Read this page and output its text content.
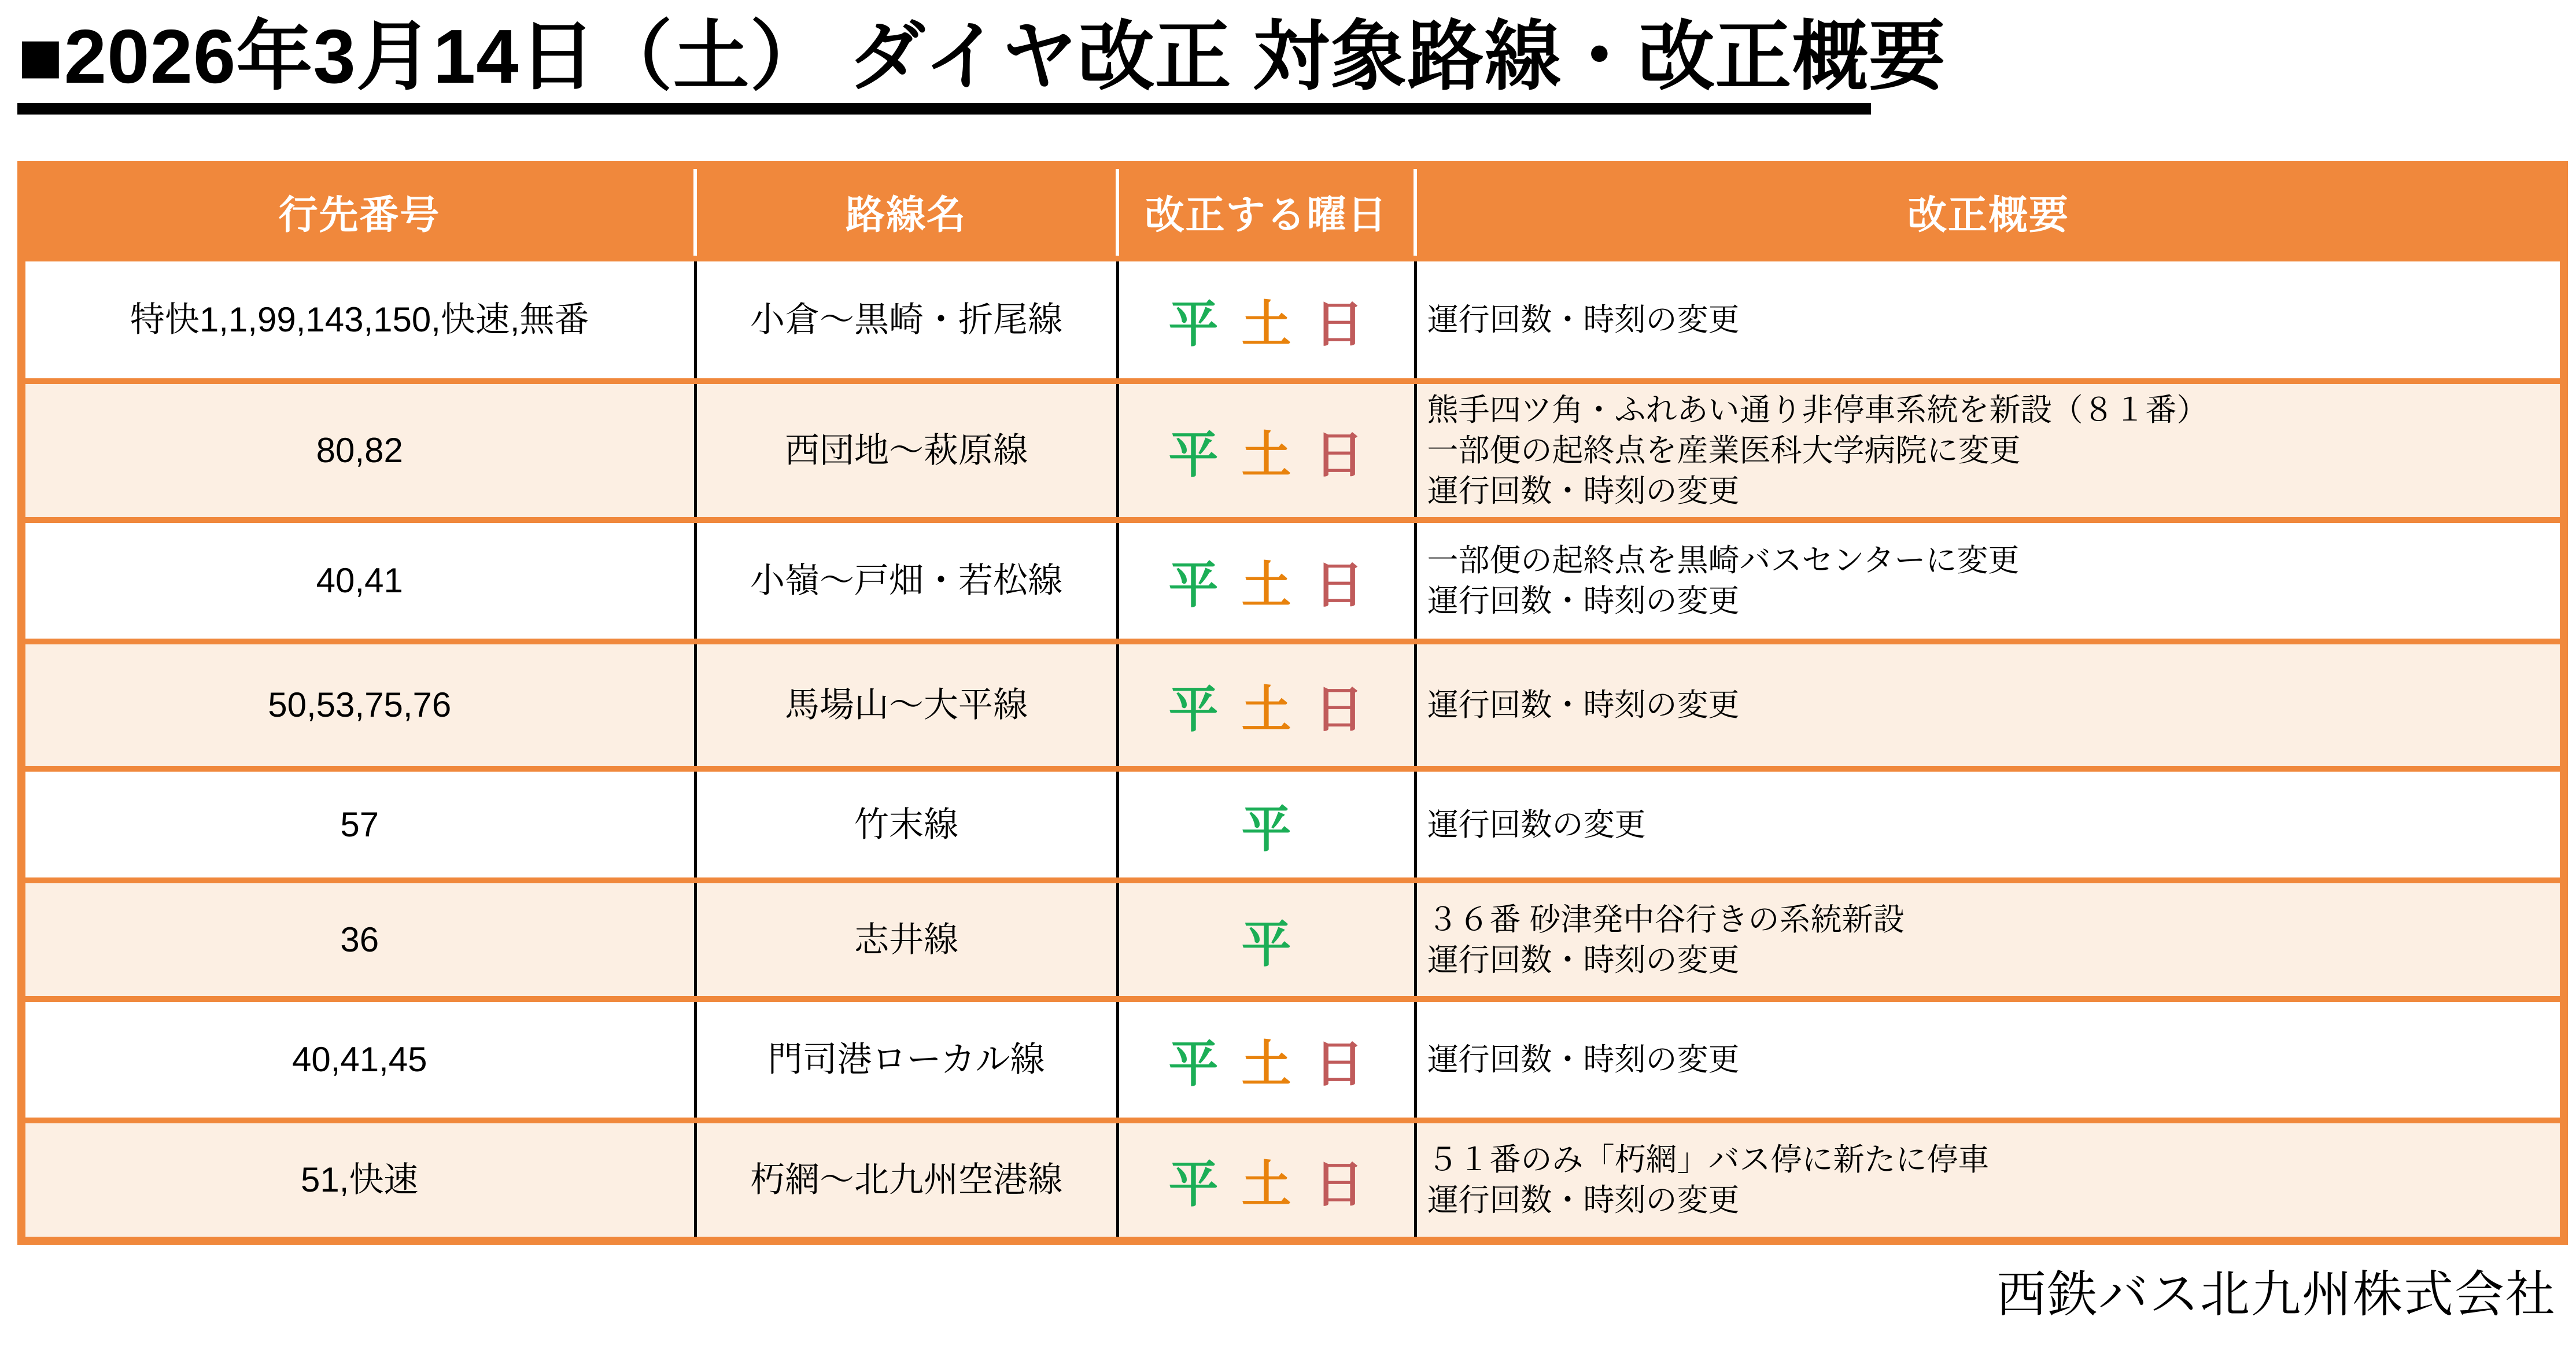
■2026年3月14日（土） ダイヤ改正 対象路線・改正概要
行先番号	路線名	改正する曜日	改正概要
特快1,1,99,143,150,快速,無番	小倉～黒崎・折尾線	平 土 日	運行回数・時刻の変更

80,82	西団地～萩原線	平 土 日	熊手四ツ角・ふれあい通り非停車系統を新設（８１番）
一部便の起終点を産業医科大学病院に変更
運行回数・時刻の変更

40,41	小嶺～戸畑・若松線	平 土 日	一部便の起終点を黒崎バスセンターに変更
運行回数・時刻の変更

50,53,75,76	馬場山～大平線	平 土 日	運行回数・時刻の変更

57	竹末線	平	運行回数の変更

36	志井線	平	３６番 砂津発中谷行きの系統新設
運行回数・時刻の変更

40,41,45	門司港ローカル線	平 土 日	運行回数・時刻の変更

51,快速	朽網～北九州空港線	平 土 日	５１番のみ「朽網」バス停に新たに停車
運行回数・時刻の変更
西鉄バス北九州株式会社
